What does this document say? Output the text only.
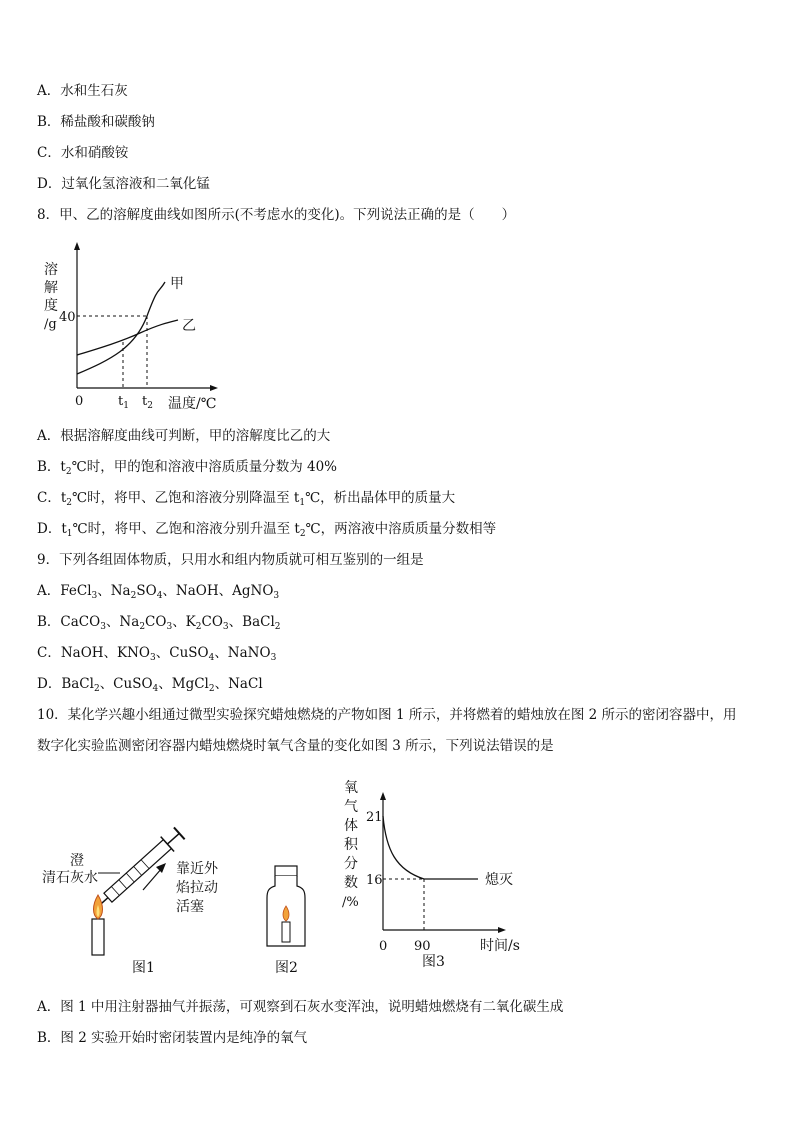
A．水和生石灰
B．稀盐酸和碳酸钠
C．水和硝酸铵
D．过氧化氢溶液和二氧化锰
8．甲、乙的溶解度曲线如图所示(不考虑水的变化)。下列说法正确的是（　　）
溶
解
度
/g 40
0	$t_1$ $t_2$ 温度/℃
甲
乙
A．根据溶解度曲线可判断，甲的溶解度比乙的大
B．$t_2℃$时，甲的饱和溶液中溶质质量分数为 40%
C．$t_2℃$时，将甲、乙饱和溶液分别降温至 $t_1℃$，析出晶体甲的质量大
D．$t_1℃$时，将甲、乙饱和溶液分别升温至 $t_2℃$，两溶液中溶质质量分数相等
9．下列各组固体物质，只用水和组内物质就可相互鉴别的一组是
A．FeCl$_3$、$Na_2SO_4$、NaOH、AgNO$_3$
B．CaCO$_3$、$Na_2CO_3$、$K_2CO_3$、BaCl$_2$
C．NaOH、$KNO_3$、CuSO$_4$、NaNO$_3$
D．BaCl$_2$、CuSO$_4$、MgCl$_2$、NaCl
10．某化学兴趣小组通过微型实验探究蜡烛燃烧的产物如图 1 所示，并将燃着的蜡烛放在图 2 所示的密闭容器中，用
数字化实验监测密闭容器内蜡烛燃烧时氧气含量的变化如图 3 所示，下列说法错误的是
澄
清石灰水
靠近外
焰拉动
活塞
图1	图2
氧
气
体
积
分
数
/%
21
16
0 90	时间/s
熄灭
图3
A．图 1 中用注射器抽气并振荡，可观察到石灰水变浑浊，说明蜡烛燃烧有二氧化碳生成
B．图 2 实验开始时密闭装置内是纯净的氧气
